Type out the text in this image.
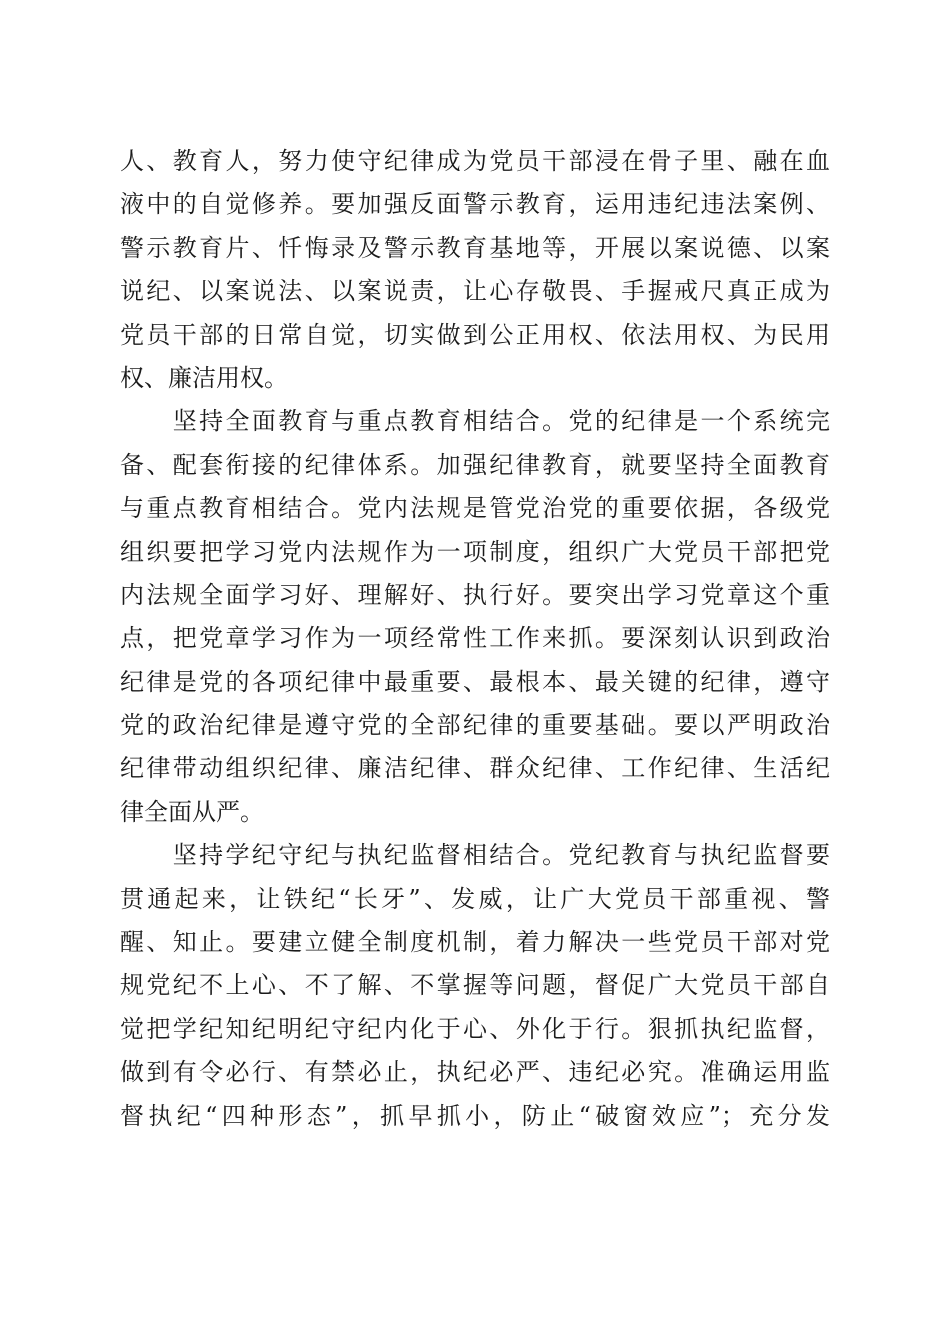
人、教育人，努力使守纪律成为党员干部浸在骨子里、融在血
液中的自觉修养。要加强反面警示教育，运用违纪违法案例、
警示教育片、忏悔录及警示教育基地等，开展以案说德、以案
说纪、以案说法、以案说责，让心存敬畏、手握戒尺真正成为
党员干部的日常自觉，切实做到公正用权、依法用权、为民用
权、廉洁用权。
　　坚持全面教育与重点教育相结合。党的纪律是一个系统完
备、配套衔接的纪律体系。加强纪律教育，就要坚持全面教育
与重点教育相结合。党内法规是管党治党的重要依据，各级党
组织要把学习党内法规作为一项制度，组织广大党员干部把党
内法规全面学习好、理解好、执行好。要突出学习党章这个重
点，把党章学习作为一项经常性工作来抓。要深刻认识到政治
纪律是党的各项纪律中最重要、最根本、最关键的纪律，遵守
党的政治纪律是遵守党的全部纪律的重要基础。要以严明政治
纪律带动组织纪律、廉洁纪律、群众纪律、工作纪律、生活纪
律全面从严。
　　坚持学纪守纪与执纪监督相结合。党纪教育与执纪监督要
贯通起来，让铁纪“长牙”、发威，让广大党员干部重视、警
醒、知止。要建立健全制度机制，着力解决一些党员干部对党
规党纪不上心、不了解、不掌握等问题，督促广大党员干部自
觉把学纪知纪明纪守纪内化于心、外化于行。狠抓执纪监督，
做到有令必行、有禁必止，执纪必严、违纪必究。准确运用监
督执纪“四种形态”，抓早抓小，防止“破窗效应”；充分发
